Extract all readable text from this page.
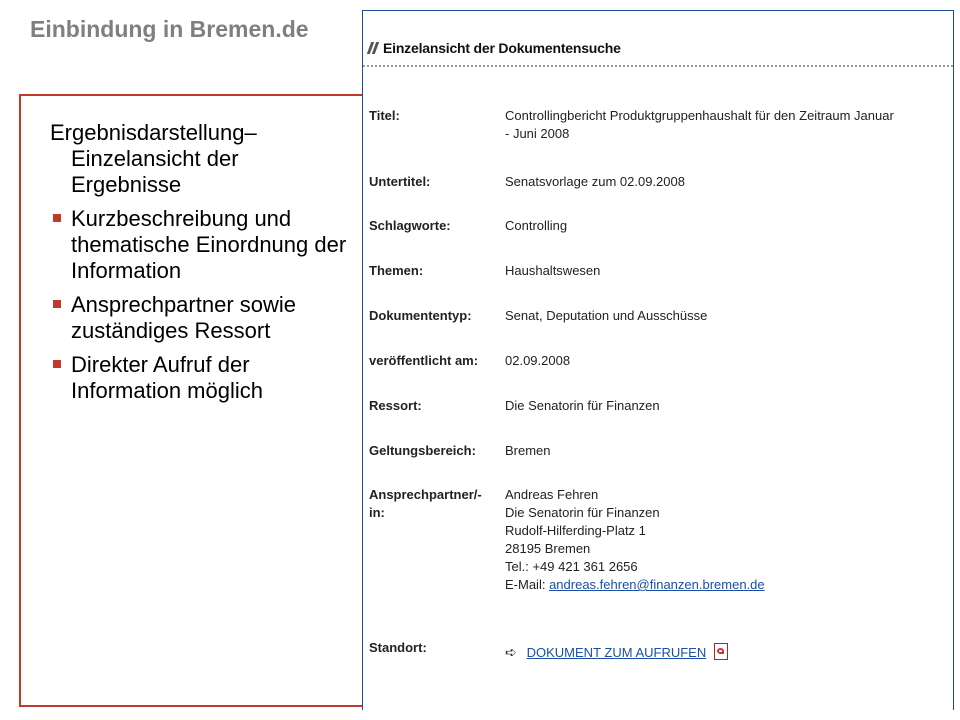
Einbindung in Bremen.de
Ergebnisdarstellung– Einzelansicht der Ergebnisse
Kurzbeschreibung und thematische Einordnung der Information
Ansprechpartner sowie zuständiges Ressort
Direkter Aufruf der Information möglich
Einzelansicht der Dokumentensuche
Titel:	Controllingbericht Produktgruppenhaushalt für den Zeitraum Januar
- Juni 2008
Untertitel:	Senatsvorlage zum 02.09.2008
Schlagworte:	Controlling
Themen:	Haushaltswesen
Dokumententyp:	Senat, Deputation und Ausschüsse
veröffentlicht am:	02.09.2008
Ressort:	Die Senatorin für Finanzen
Geltungsbereich:	Bremen
Ansprechpartner/-
in:
Andreas Fehren
Die Senatorin für Finanzen
Rudolf-Hilferding-Platz 1
28195 Bremen
Tel.: +49 421 361 2656
E-Mail: andreas.fehren@finanzen.bremen.de
Standort:	➪ DOKUMENT ZUM AUFRUFEN
